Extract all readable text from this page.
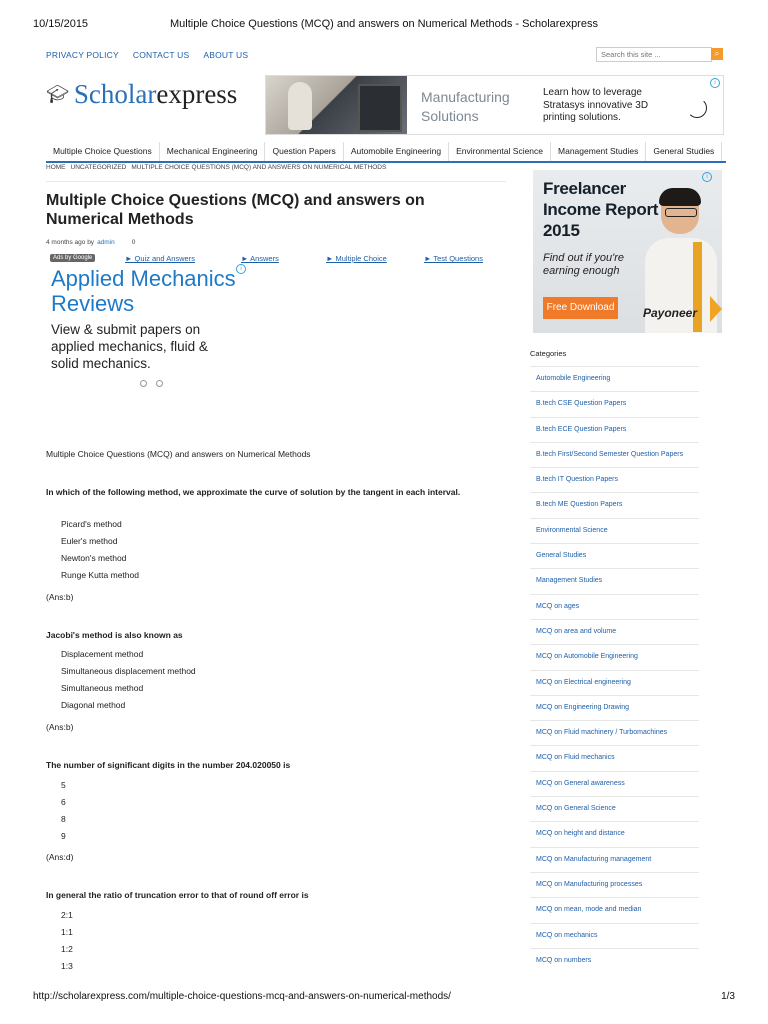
10/15/2015	Multiple Choice Questions (MCQ) and answers on Numerical Methods - Scholarexpress
PRIVACY POLICY CONTACT US ABOUT US
Search this site ...	⌕
🎓︎ Scholar express	Manufacturing Solutions
Learn how to leverage Stratasys innovative 3D printing solutions.
i
Multiple Choice Questions	Mechanical Engineering	Question Papers	Automobile Engineering	Environmental Science	Management Studies	General Studies
HOME UNCATEGORIZED MULTIPLE CHOICE QUESTIONS (MCQ) AND ANSWERS ON NUMERICAL METHODS
Multiple Choice Questions (MCQ) and answers on Numerical Methods
4 months ago by admin	0
Ads by Google	► Quiz and Answers	► Answers	► Multiple Choice	► Test Questions
Applied Mechanics Reviews
i
View & submit papers on applied mechanics, fluid & solid mechanics.
Multiple Choice Questions (MCQ) and answers on Numerical Methods
In which of the following method, we approximate the curve of solution by the tangent in each interval.
Picard's method
Euler's method
Newton's method
Runge Kutta method
(Ans:b)
Jacobi's method is also known as
Displacement method
Simultaneous displacement method
Simultaneous method
Diagonal method
(Ans:b)
The number of significant digits in the number 204.020050 is
5
6
8
9
(Ans:d)
In general the ratio of truncation error to that of round off error is
2:1
1:1
1:2
1:3
Freelancer Income Report 2015
Find out if you're earning enough
Free Download Payoneer
i
Categories
Automobile Engineering
B.tech CSE Question Papers
B.tech ECE Question Papers
B.tech First/Second Semester Question Papers
B.tech IT Question Papers
B.tech ME Question Papers
Environmental Science
General Studies
Management Studies
MCQ on ages
MCQ on area and volume
MCQ on Automobile Engineering
MCQ on Electrical engineering
MCQ on Engineering Drawing
MCQ on Fluid machinery / Turbomachines
MCQ on Fluid mechanics
MCQ on General awareness
MCQ on General Science
MCQ on height and distance
MCQ on Manufacturing management
MCQ on Manufacturing processes
MCQ on mean, mode and median
MCQ on mechanics
MCQ on numbers
http://scholarexpress.com/multiple-choice-questions-mcq-and-answers-on-numerical-methods/	1/3
